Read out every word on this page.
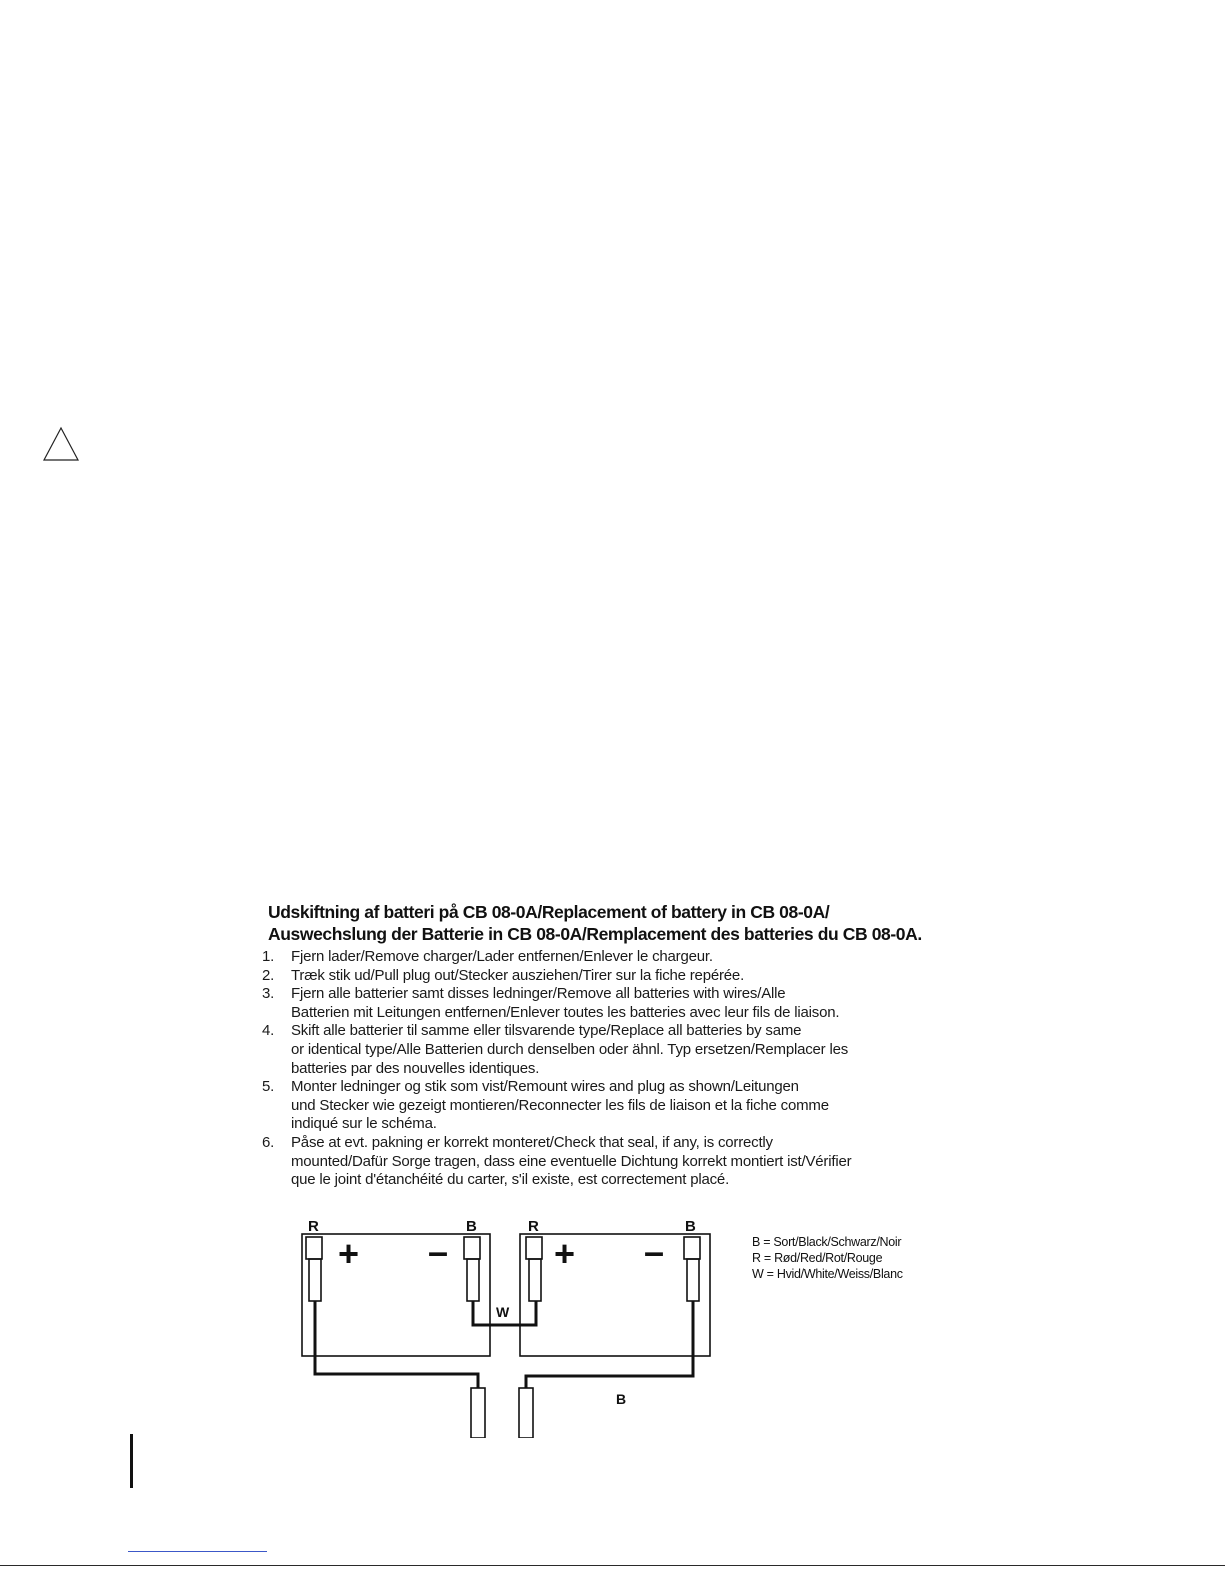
Udskiftning af batteri på CB 08-0A/Replacement of battery in CB 08-0A/
Auswechslung der Batterie in CB 08-0A/Remplacement des batteries du CB 08-0A.
1. Fjern lader/Remove charger/Lader entfernen/Enlever le chargeur.
2. Træk stik ud/Pull plug out/Stecker ausziehen/Tirer sur la fiche repérée.
3. Fjern alle batterier samt disses ledninger/Remove all batteries with wires/Alle
Batterien mit Leitungen entfernen/Enlever toutes les batteries avec leur fils de liaison.
4. Skift alle batterier til samme eller tilsvarende type/Replace all batteries by same
or identical type/Alle Batterien durch denselben oder ähnl. Typ ersetzen/Remplacer les
batteries par des nouvelles identiques.
5. Monter ledninger og stik som vist/Remount wires and plug as shown/Leitungen
und Stecker wie gezeigt montieren/Reconnecter les fils de liaison et la fiche comme
indiqué sur le schéma.
6. Påse at evt. pakning er korrekt monteret/Check that seal, if any, is correctly
mounted/Dafür Sorge tragen, dass eine eventuelle Dichtung korrekt montiert ist/Vérifier
que le joint d'étanchéité du carter, s'il existe, est correctement placé.
R	B	R	B
+ –	+ –
W
B
B = Sort/Black/Schwarz/Noir
R = Rød/Red/Rot/Rouge
W = Hvid/White/Weiss/Blanc
